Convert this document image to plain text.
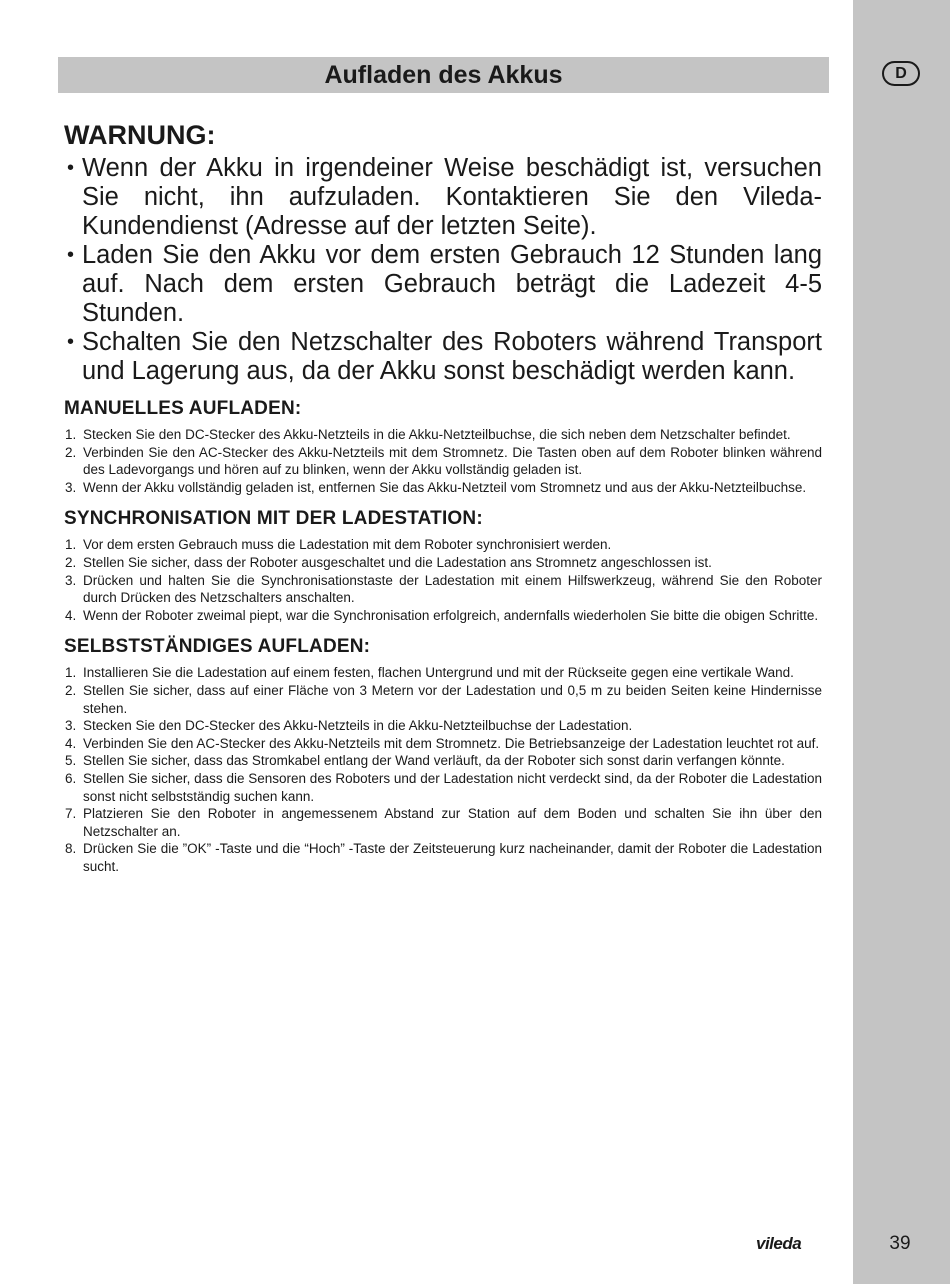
D
Aufladen des Akkus
WARNUNG:
• Wenn der Akku in irgendeiner Weise beschädigt ist, versuchen Sie nicht, ihn aufzuladen. Kontaktieren Sie den Vileda-Kundendienst (Adresse auf der letzten Seite).
• Laden Sie den Akku vor dem ersten Gebrauch 12 Stunden lang auf. Nach dem ersten Gebrauch beträgt die Ladezeit 4-5 Stunden.
• Schalten Sie den Netzschalter des Roboters während Transport und Lagerung aus, da der Akku sonst beschädigt werden kann.
MANUELLES AUFLADEN:
1. Stecken Sie den DC-Stecker des Akku-Netzteils in die Akku-Netzteilbuchse, die sich neben dem Netzschalter befindet.
2. Verbinden Sie den AC-Stecker des Akku-Netzteils mit dem Stromnetz. Die Tasten oben auf dem Roboter blinken während des Ladevorgangs und hören auf zu blinken, wenn der Akku vollständig geladen ist.
3. Wenn der Akku vollständig geladen ist, entfernen Sie das Akku-Netzteil vom Stromnetz und aus der Akku-Netzteilbuchse.
SYNCHRONISATION MIT DER LADESTATION:
1. Vor dem ersten Gebrauch muss die Ladestation mit dem Roboter synchronisiert werden.
2. Stellen Sie sicher, dass der Roboter ausgeschaltet und die Ladestation ans Stromnetz angeschlossen ist.
3. Drücken und halten Sie die Synchronisationstaste der Ladestation mit einem Hilfswerkzeug, während Sie den Roboter durch Drücken des Netzschalters anschalten.
4. Wenn der Roboter zweimal piept, war die Synchronisation erfolgreich, andernfalls wiederholen Sie bitte die obigen Schritte.
SELBSTSTÄNDIGES AUFLADEN:
1. Installieren Sie die Ladestation auf einem festen, flachen Untergrund und mit der Rückseite gegen eine vertikale Wand.
2. Stellen Sie sicher, dass auf einer Fläche von 3 Metern vor der Ladestation und 0,5 m zu beiden Seiten keine Hindernisse stehen.
3. Stecken Sie den DC-Stecker des Akku-Netzteils in die Akku-Netzteilbuchse der Ladestation.
4. Verbinden Sie den AC-Stecker des Akku-Netzteils mit dem Stromnetz. Die Betriebsanzeige der Ladestation leuchtet rot auf.
5. Stellen Sie sicher, dass das Stromkabel entlang der Wand verläuft, da der Roboter sich sonst darin verfangen könnte.
6. Stellen Sie sicher, dass die Sensoren des Roboters und der Ladestation nicht verdeckt sind, da der Roboter die Ladestation sonst nicht selbstständig suchen kann.
7. Platzieren Sie den Roboter in angemessenem Abstand zur Station auf dem Boden und schalten Sie ihn über den Netzschalter an.
8. Drücken Sie die ”OK” -Taste und die “Hoch” -Taste der Zeitsteuerung kurz nacheinander, damit der Roboter die Ladestation sucht.
vileda	39
